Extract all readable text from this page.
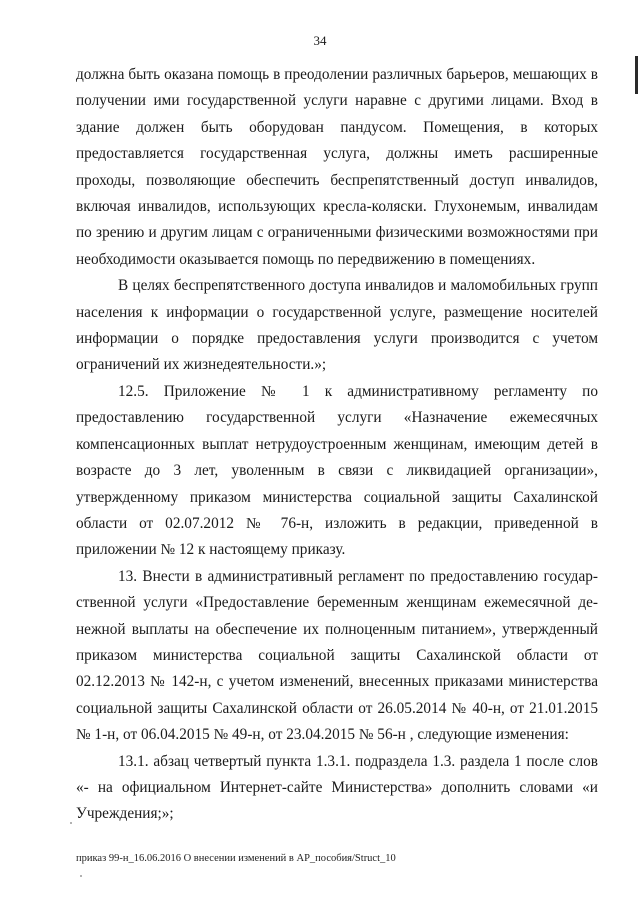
34

должна быть оказана помощь в преодолении различных барьеров, мешающих в получении ими государственной услуги наравне с другими лицами. Вход в здание должен быть оборудован пандусом. Помещения, в которых предоставляется государственная услуга, должны иметь расширенные проходы, позволяющие обеспечить беспрепятственный доступ инвалидов, включая инвалидов, использующих кресла-коляски. Глухонемым, инвалидам по зрению и другим лицам с ограниченными физическими возможностями при необходимости оказывается помощь по передвижению в помещениях.

В целях беспрепятственного доступа инвалидов и маломобильных групп населения к информации о государственной услуге, размещение носителей информации о порядке предоставления услуги производится с учетом ограничений их жизнедеятельности.»;

12.5. Приложение № 1 к административному регламенту по предоставлению государственной услуги «Назначение ежемесячных компенсационных выплат нетрудоустроенным женщинам, имеющим детей в возрасте до 3 лет, уволенным в связи с ликвидацией организации», утвержденному приказом министерства социальной защиты Сахалинской области от 02.07.2012 № 76-н, изложить в редакции, приведенной в приложении № 12 к настоящему приказу.

13. Внести в административный регламент по предоставлению государ- ственной услуги «Предоставление беременным женщинам ежемесячной де- нежной выплаты на обеспечение их полноценным питанием», утвержденный приказом министерства социальной защиты Сахалинской области от 02.12.2013 № 142-н, с учетом изменений, внесенных приказами министерства социальной защиты Сахалинской области от 26.05.2014 № 40-н, от 21.01.2015 № 1-н, от 06.04.2015 № 49-н, от 23.04.2015 № 56-н , следующие изменения:

13.1. абзац четвертый пункта 1.3.1. подраздела 1.3. раздела 1 после слов «- на официальном Интернет-сайте Министерства» дополнить словами «и Учреждения;»;

приказ 99-н_16.06.2016 О внесении изменений в АР_пособия/Struct_10
